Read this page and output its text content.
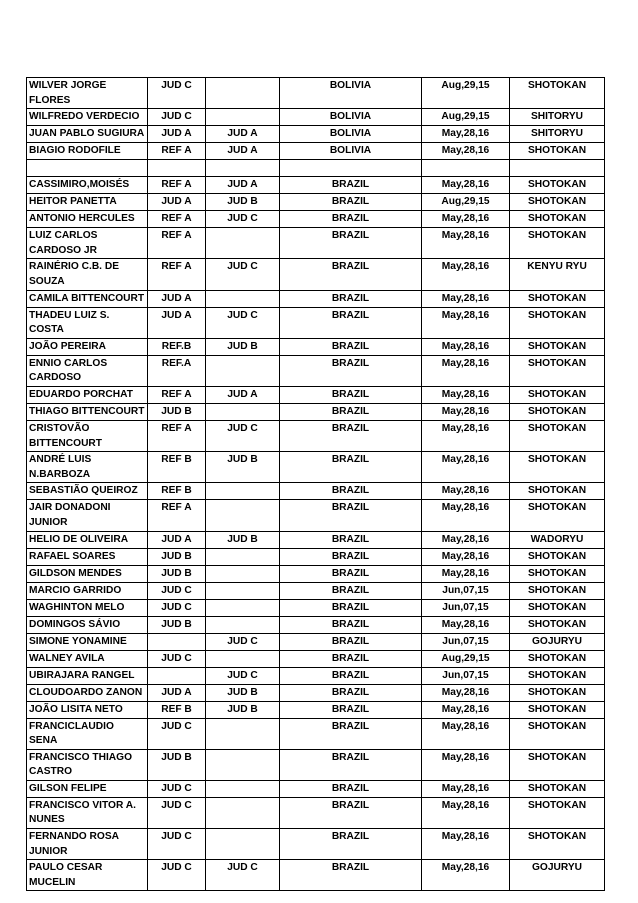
WILVER JORGE FLORES	JUD C		BOLIVIA	Aug,29,15	SHOTOKAN
WILFREDO VERDECIO	JUD C		BOLIVIA	Aug,29,15	SHITORYU
JUAN PABLO SUGIURA	JUD A	JUD A	BOLIVIA	May,28,16	SHITORYU
BIAGIO RODOFILE	REF A	JUD A	BOLIVIA	May,28,16	SHOTOKAN

CASSIMIRO,MOISÉS	REF A	JUD A	BRAZIL	May,28,16	SHOTOKAN
HEITOR PANETTA	JUD A	JUD B	BRAZIL	Aug,29,15	SHOTOKAN
ANTONIO HERCULES	REF A	JUD C	BRAZIL	May,28,16	SHOTOKAN
LUIZ CARLOS CARDOSO JR	REF A		BRAZIL	May,28,16	SHOTOKAN
RAINÉRIO C.B. DE SOUZA	REF A	JUD C	BRAZIL	May,28,16	KENYU RYU
CAMILA BITTENCOURT	JUD A		BRAZIL	May,28,16	SHOTOKAN
THADEU LUIZ S. COSTA	JUD A	JUD C	BRAZIL	May,28,16	SHOTOKAN
JOÃO PEREIRA	REF.B	JUD B	BRAZIL	May,28,16	SHOTOKAN
ENNIO CARLOS CARDOSO	REF.A		BRAZIL	May,28,16	SHOTOKAN
EDUARDO PORCHAT	REF A	JUD A	BRAZIL	May,28,16	SHOTOKAN
THIAGO BITTENCOURT	JUD B		BRAZIL	May,28,16	SHOTOKAN
CRISTOVÃO BITTENCOURT	REF A	JUD C	BRAZIL	May,28,16	SHOTOKAN
ANDRÉ LUIS N.BARBOZA	REF B	JUD B	BRAZIL	May,28,16	SHOTOKAN
SEBASTIÃO QUEIROZ	REF B		BRAZIL	May,28,16	SHOTOKAN
JAIR DONADONI JUNIOR	REF A		BRAZIL	May,28,16	SHOTOKAN
HELIO DE OLIVEIRA	JUD A	JUD B	BRAZIL	May,28,16	WADORYU
RAFAEL SOARES	JUD B		BRAZIL	May,28,16	SHOTOKAN
GILDSON MENDES	JUD B		BRAZIL	May,28,16	SHOTOKAN
MARCIO GARRIDO	JUD C		BRAZIL	Jun,07,15	SHOTOKAN
WAGHINTON MELO	JUD C		BRAZIL	Jun,07,15	SHOTOKAN
DOMINGOS SÁVIO	JUD B		BRAZIL	May,28,16	SHOTOKAN
SIMONE YONAMINE		JUD C	BRAZIL	Jun,07,15	GOJURYU
WALNEY AVILA	JUD C		BRAZIL	Aug,29,15	SHOTOKAN
UBIRAJARA RANGEL		JUD C	BRAZIL	Jun,07,15	SHOTOKAN
CLOUDOARDO ZANON	JUD A	JUD B	BRAZIL	May,28,16	SHOTOKAN
JOÃO LISITA NETO	REF B	JUD B	BRAZIL	May,28,16	SHOTOKAN
FRANCICLAUDIO SENA	JUD C		BRAZIL	May,28,16	SHOTOKAN
FRANCISCO THIAGO CASTRO	JUD B		BRAZIL	May,28,16	SHOTOKAN
GILSON FELIPE	JUD C		BRAZIL	May,28,16	SHOTOKAN
FRANCISCO VITOR A. NUNES	JUD C		BRAZIL	May,28,16	SHOTOKAN
FERNANDO ROSA JUNIOR	JUD C		BRAZIL	May,28,16	SHOTOKAN
PAULO CESAR MUCELIN	JUD C	JUD C	BRAZIL	May,28,16	GOJURYU
